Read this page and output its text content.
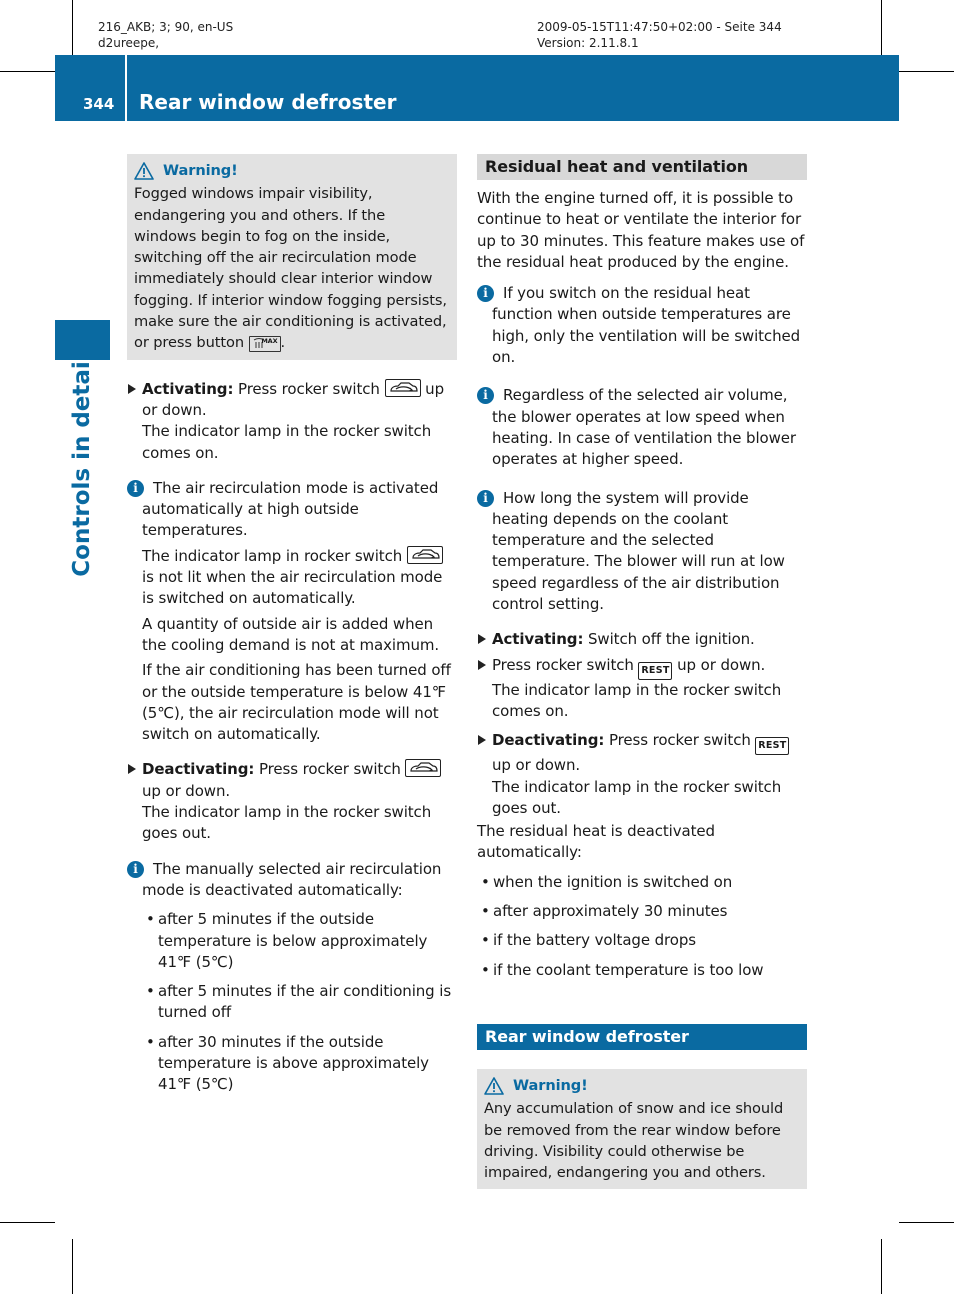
216_AKB; 3; 90, en-US
d2ureepe,
2009-05-15T11:47:50+02:00 - Seite 344
Version: 2.11.8.1
344 Rear window defroster
Controls in detail
Warning!
Fogged windows impair visibility, endangering you and others. If the windows begin to fog on the inside, switching off the air recirculation mode immediately should clear interior window fogging. If interior window fogging persists, make sure the air conditioning is activated, or press button	MAX .
Activating: Press rocker switch
up or down.
The indicator lamp in the rocker switch comes on.
i	The air recirculation mode is activated automatically at high outside temperatures.
The indicator lamp in rocker switch
is not lit when the air recirculation mode is switched on automatically.
A quantity of outside air is added when the cooling demand is not at maximum.
If the air conditioning has been turned off or the outside temperature is below 41℉ (5℃), the air recirculation mode will not switch on automatically.
Deactivating: Press rocker switch
up or down.
The indicator lamp in the rocker switch goes out.
i	The manually selected air recirculation mode is deactivated automatically:
• after 5 minutes if the outside temperature is below approximately 41℉ (5℃)
• after 5 minutes if the air conditioning is turned off
• after 30 minutes if the outside temperature is above approximately 41℉ (5℃)
Residual heat and ventilation
With the engine turned off, it is possible to continue to heat or ventilate the interior for up to 30 minutes. This feature makes use of the residual heat produced by the engine.
i	If you switch on the residual heat function when outside temperatures are high, only the ventilation will be switched on.
i	Regardless of the selected air volume, the blower operates at low speed when heating. In case of ventilation the blower operates at higher speed.
i	How long the system will provide heating depends on the coolant temperature and the selected temperature. The blower will run at low speed regardless of the air distribution control setting.
Activating: Switch off the ignition.
Press rocker switch REST up or down.
The indicator lamp in the rocker switch comes on.
Deactivating: Press rocker switch REST up or down.
The indicator lamp in the rocker switch goes out.
The residual heat is deactivated automatically:
• when the ignition is switched on
• after approximately 30 minutes
• if the battery voltage drops
• if the coolant temperature is too low
Rear window defroster
Warning!
Any accumulation of snow and ice should be removed from the rear window before driving. Visibility could otherwise be impaired, endangering you and others.
